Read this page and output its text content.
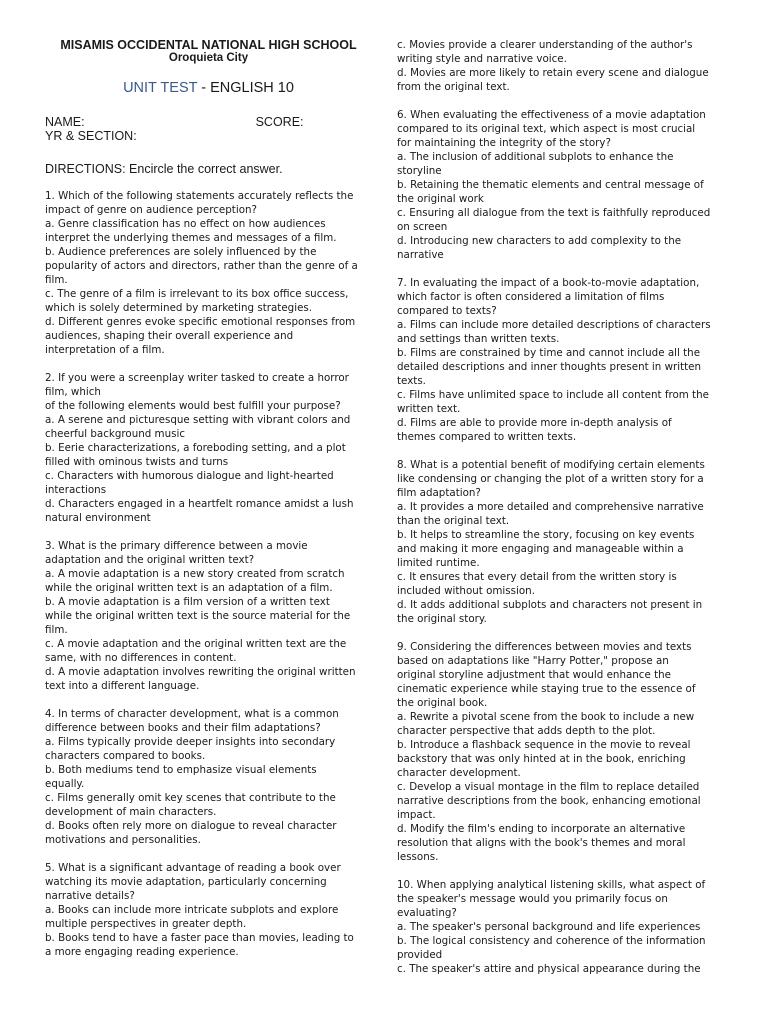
MISAMIS OCCIDENTAL NATIONAL HIGH SCHOOL
Oroquieta City
UNIT TEST - ENGLISH 10
NAME:	SCORE:
YR & SECTION:
DIRECTIONS: Encircle the correct answer.
1. Which of the following statements accurately reflects the
impact of genre on audience perception?
a. Genre classification has no effect on how audiences
interpret the underlying themes and messages of a film.
b. Audience preferences are solely influenced by the
popularity of actors and directors, rather than the genre of a
film.
c. The genre of a film is irrelevant to its box office success,
which is solely determined by marketing strategies.
d. Different genres evoke specific emotional responses from
audiences, shaping their overall experience and
interpretation of a film.
2. If you were a screenplay writer tasked to create a horror
film, which
of the following elements would best fulfill your purpose?
a. A serene and picturesque setting with vibrant colors and
cheerful background music
b. Eerie characterizations, a foreboding setting, and a plot
filled with ominous twists and turns
c. Characters with humorous dialogue and light-hearted
interactions
d. Characters engaged in a heartfelt romance amidst a lush
natural environment
3. What is the primary difference between a movie
adaptation and the original written text?
a. A movie adaptation is a new story created from scratch
while the original written text is an adaptation of a film.
b. A movie adaptation is a film version of a written text
while the original written text is the source material for the
film.
c. A movie adaptation and the original written text are the
same, with no differences in content.
d. A movie adaptation involves rewriting the original written
text into a different language.
4. In terms of character development, what is a common
difference between books and their film adaptations?
a. Films typically provide deeper insights into secondary
characters compared to books.
b. Both mediums tend to emphasize visual elements
equally.
c. Films generally omit key scenes that contribute to the
development of main characters.
d. Books often rely more on dialogue to reveal character
motivations and personalities.
5. What is a significant advantage of reading a book over
watching its movie adaptation, particularly concerning
narrative details?
a. Books can include more intricate subplots and explore
multiple perspectives in greater depth.
b. Books tend to have a faster pace than movies, leading to
a more engaging reading experience.
c. Movies provide a clearer understanding of the author's
writing style and narrative voice.
d. Movies are more likely to retain every scene and dialogue
from the original text.
6. When evaluating the effectiveness of a movie adaptation
compared to its original text, which aspect is most crucial
for maintaining the integrity of the story?
a. The inclusion of additional subplots to enhance the
storyline
b. Retaining the thematic elements and central message of
the original work
c. Ensuring all dialogue from the text is faithfully reproduced
on screen
d. Introducing new characters to add complexity to the
narrative
7. In evaluating the impact of a book-to-movie adaptation,
which factor is often considered a limitation of films
compared to texts?
a. Films can include more detailed descriptions of characters
and settings than written texts.
b. Films are constrained by time and cannot include all the
detailed descriptions and inner thoughts present in written
texts.
c. Films have unlimited space to include all content from the
written text.
d. Films are able to provide more in-depth analysis of
themes compared to written texts.
8. What is a potential benefit of modifying certain elements
like condensing or changing the plot of a written story for a
film adaptation?
a. It provides a more detailed and comprehensive narrative
than the original text.
b. It helps to streamline the story, focusing on key events
and making it more engaging and manageable within a
limited runtime.
c. It ensures that every detail from the written story is
included without omission.
d. It adds additional subplots and characters not present in
the original story.
9. Considering the differences between movies and texts
based on adaptations like "Harry Potter," propose an
original storyline adjustment that would enhance the
cinematic experience while staying true to the essence of
the original book.
a. Rewrite a pivotal scene from the book to include a new
character perspective that adds depth to the plot.
b. Introduce a flashback sequence in the movie to reveal
backstory that was only hinted at in the book, enriching
character development.
c. Develop a visual montage in the film to replace detailed
narrative descriptions from the book, enhancing emotional
impact.
d. Modify the film's ending to incorporate an alternative
resolution that aligns with the book's themes and moral
lessons.
10. When applying analytical listening skills, what aspect of
the speaker's message would you primarily focus on
evaluating?
a. The speaker's personal background and life experiences
b. The logical consistency and coherence of the information
provided
c. The speaker's attire and physical appearance during the
